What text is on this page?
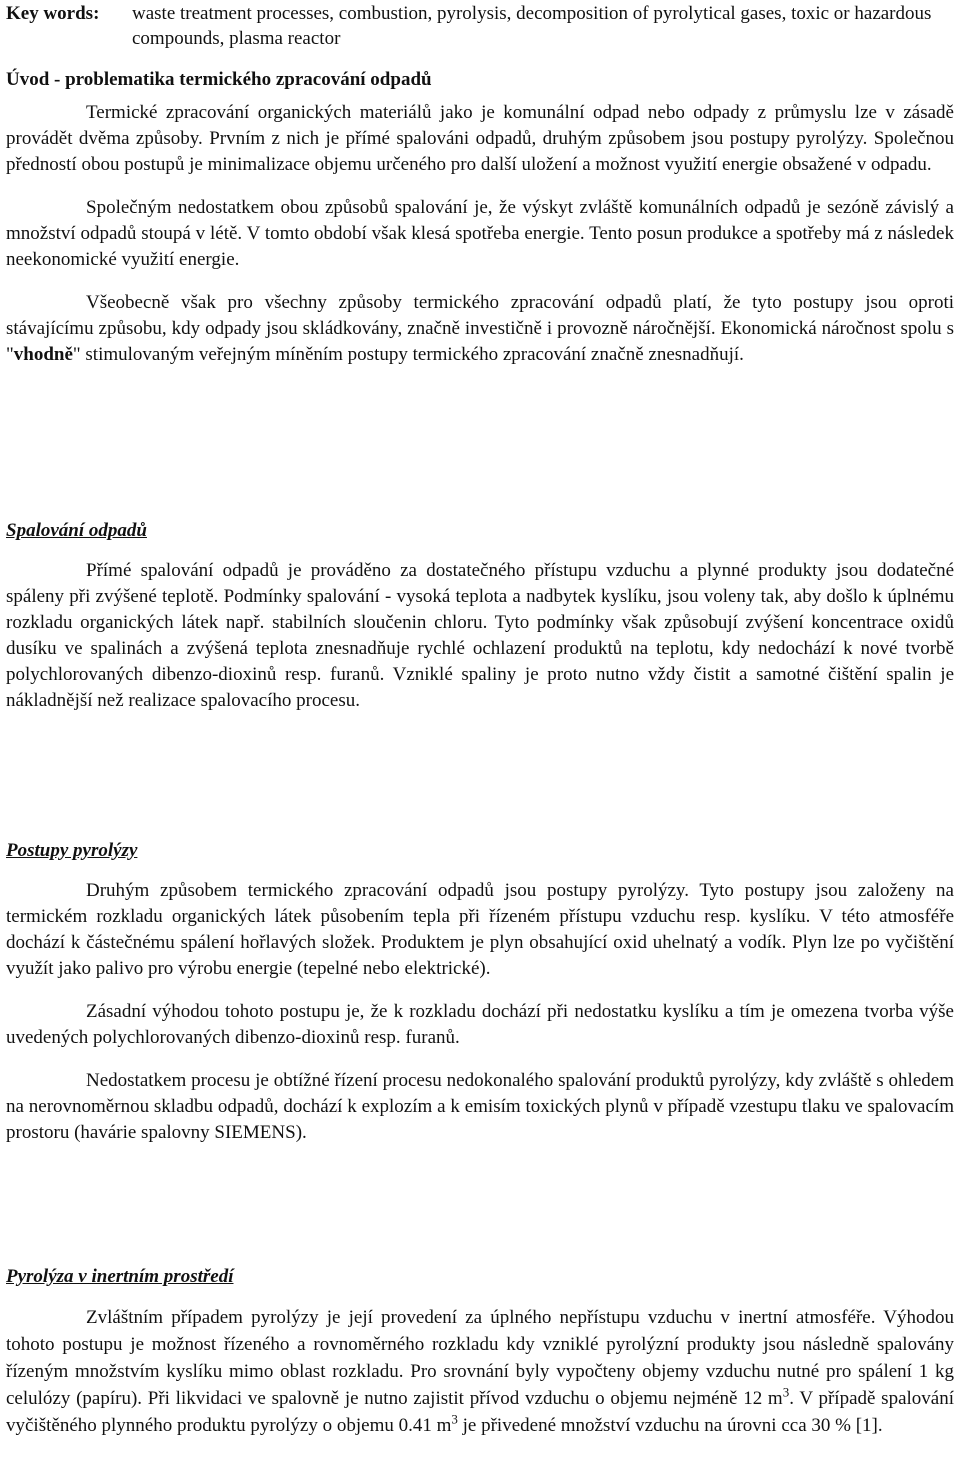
Key words: waste treatment processes, combustion, pyrolysis, decomposition of pyrolytical gases, toxic or hazardous compounds, plasma reactor
Úvod - problematika termického zpracování odpadů

Termické zpracování organických materiálů jako je komunální odpad nebo odpady z průmyslu lze v zásadě provádět dvěma způsoby. Prvním z nich je přímé spalováni odpadů, druhým způsobem jsou postupy pyrolýzy. Společnou předností obou postupů je minimalizace objemu určeného pro další uložení a možnost využití energie obsažené v odpadu.

Společným nedostatkem obou způsobů spalování je, že výskyt zvláště komunálních odpadů je sezóně závislý a množství odpadů stoupá v létě. V tomto období však klesá spotřeba energie. Tento posun produkce a spotřeby má z následek neekonomické využití energie.

Všeobecně však pro všechny způsoby termického zpracování odpadů platí, že tyto postupy jsou oproti stávajícímu způsobu, kdy odpady jsou skládkovány, značně investičně i provozně náročnější. Ekonomická náročnost spolu s "vhodně" stimulovaným veřejným míněním postupy termického zpracování značně znesnadňují.

Spalování odpadů

Přímé spalování odpadů je prováděno za dostatečného přístupu vzduchu a plynné produkty jsou dodatečné spáleny při zvýšené teplotě. Podmínky spalování - vysoká teplota a nadbytek kyslíku, jsou voleny tak, aby došlo k úplnému rozkladu organických látek např. stabilních sloučenin chloru. Tyto podmínky však způsobují zvýšení koncentrace oxidů dusíku ve spalinách a zvýšená teplota znesnadňuje rychlé ochlazení produktů na teplotu, kdy nedochází k nové tvorbě polychlorovaných dibenzo-dioxinů resp. furanů. Vzniklé spaliny je proto nutno vždy čistit a samotné čištění spalin je nákladnější než realizace spalovacího procesu.

Postupy pyrolýzy

Druhým způsobem termického zpracování odpadů jsou postupy pyrolýzy. Tyto postupy jsou založeny na termickém rozkladu organických látek působením tepla při řízeném přístupu vzduchu resp. kyslíku. V této atmosféře dochází k částečnému spálení hořlavých složek. Produktem je plyn obsahující oxid uhelnatý a vodík. Plyn lze po vyčištění využít jako palivo pro výrobu energie (tepelné nebo elektrické).

Zásadní výhodou tohoto postupu je, že k rozkladu dochází při nedostatku kyslíku a tím je omezena tvorba výše uvedených polychlorovaných dibenzo-dioxinů resp. furanů.

Nedostatkem procesu je obtížné řízení procesu nedokonalého spalování produktů pyrolýzy, kdy zvláště s ohledem na nerovnoměrnou skladbu odpadů, dochází k explozím a k emisím toxických plynů v případě vzestupu tlaku ve spalovacím prostoru (havárie spalovny SIEMENS).

Pyrolýza v inertním prostředí

Zvláštním případem pyrolýzy je její provedení za úplného nepřístupu vzduchu v inertní atmosféře. Výhodou tohoto postupu je možnost řízeného a rovnoměrného rozkladu kdy vzniklé pyrolýzní produkty jsou následně spalovány řízeným množstvím kyslíku mimo oblast rozkladu. Pro srovnání byly vypočteny objemy vzduchu nutné pro spálení 1 kg celulózy (papíru). Při likvidaci ve spalovně je nutno zajistit přívod vzduchu o objemu nejméně 12 $m^3$. V případě spalování vyčištěného plynného produktu pyrolýzy o objemu 0.41 $m^3$ je přivedené množství vzduchu na úrovni cca 30 % [1].
